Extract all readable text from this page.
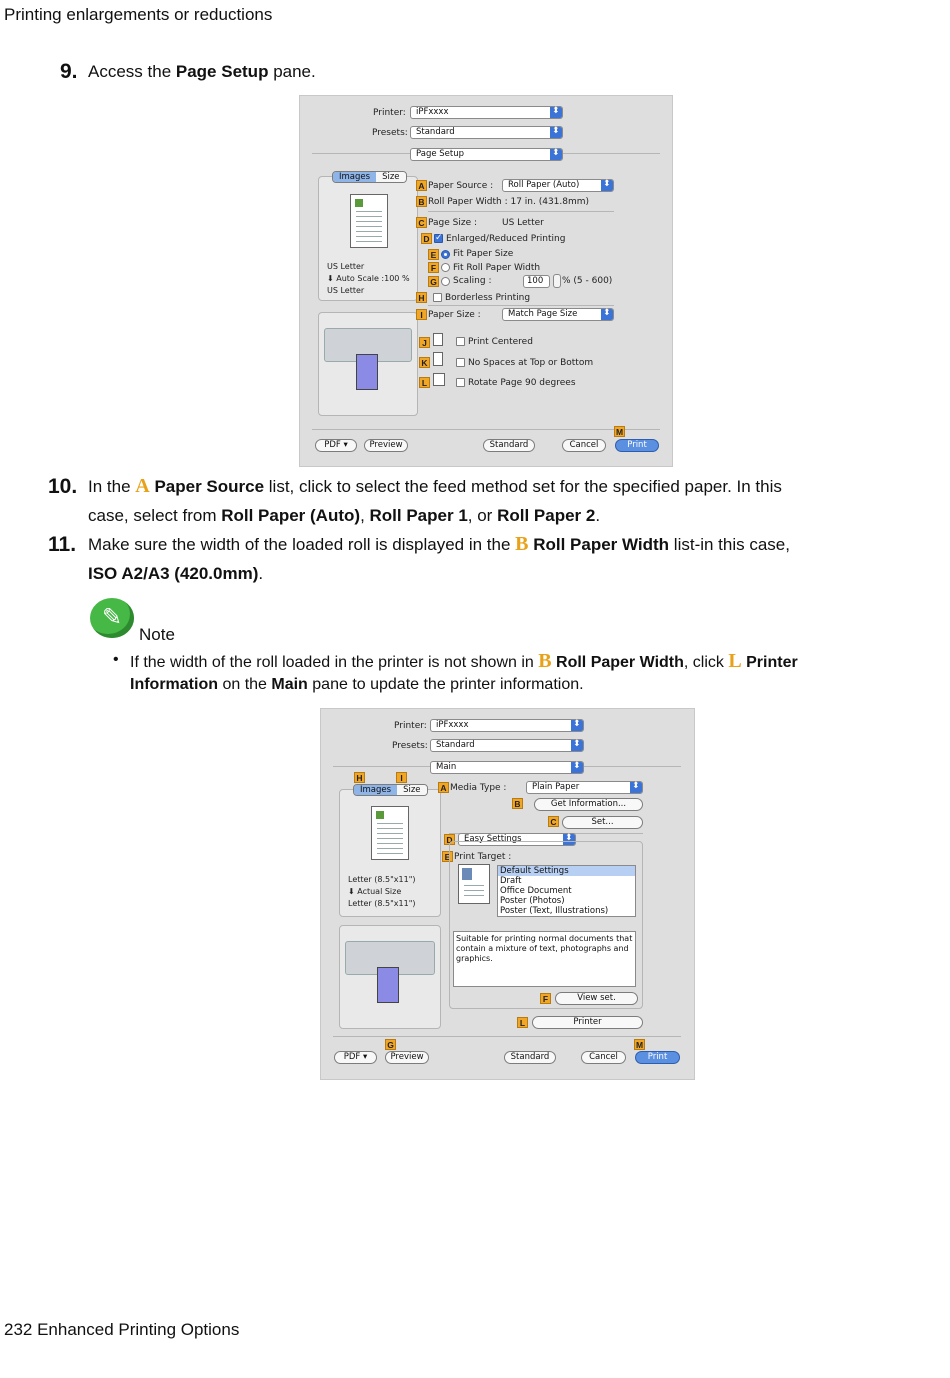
Printing enlargements or reductions
9. Access the Page Setup pane.
Printer:	iPFxxxx
⬍
Presets: Standard
⬍
Page Setup
⬍
Images	Size
US Letter
⬇ Auto Scale :100 %
US Letter
A Paper Source :	Roll Paper (Auto)
⬍
B Roll Paper Width : 17 in. (431.8mm)
C Page Size :	US Letter
D
✓ Enlarged/Reduced Printing
E Fit Paper Size
F	Fit Roll Paper Width
G Scaling :	100	% (5 - 600)
H Borderless Printing
I Paper Size :	Match Page Size
⬍
J	Print Centered
K	No Spaces at Top or Bottom
L	Rotate Page 90 degrees
M
PDF ▾	Preview	Standard	Cancel	Print
10. In the A Paper Source list, click to select the feed method set for the specified paper. In this
case, select from Roll Paper (Auto), Roll Paper 1, or Roll Paper 2.
11. Make sure the width of the loaded roll is displayed in the B Roll Paper Width list-in this case,
ISO A2/A3 (420.0mm).
✎
Note
• If the width of the roll loaded in the printer is not shown in B Roll Paper Width, click L Printer
Information on the Main pane to update the printer information.
Printer:	iPFxxxx
⬍
Presets: Standard
⬍
Main
⬍
H	I
Images	Size
Letter (8.5"x11")
⬇ Actual Size
Letter (8.5"x11")
A Media Type :	Plain Paper
⬍
B	Get Information...
C	Set...
D	Easy Settings
⬍
E Print Target :
Default Settings
Draft
Office Document
Poster (Photos)
Poster (Text, Illustrations)
Suitable for printing normal documents that contain a mixture of text, photographs and graphics.
F	View set.
L	Printer
G	M
PDF ▾	Preview	Standard	Cancel	Print
232 Enhanced Printing Options
